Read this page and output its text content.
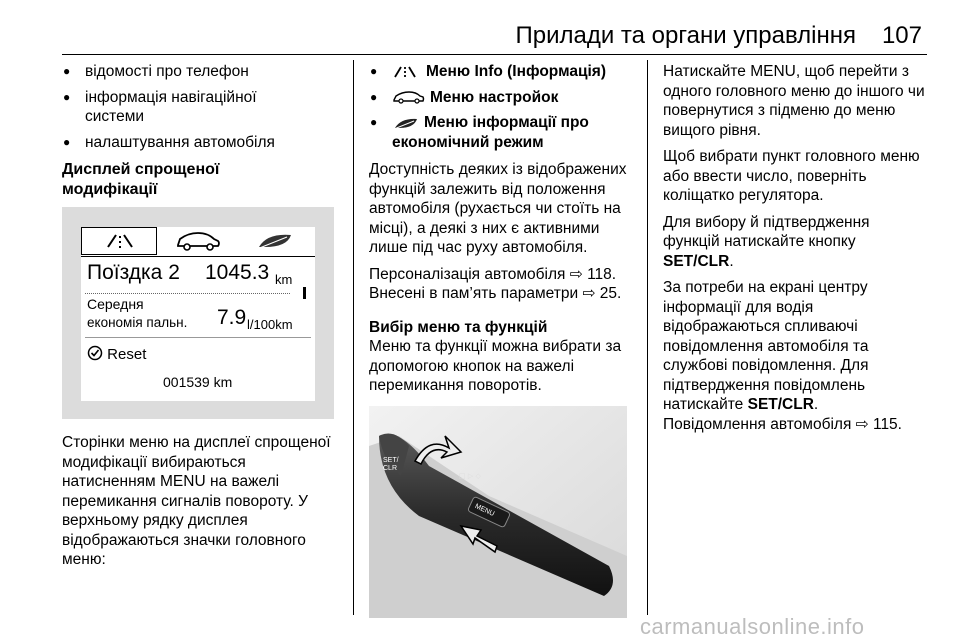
Прилади та органи управління 107
● відомості про телефон
● інформація навігаційної системи
● налаштування автомобіля
Дисплей спрощеної модифікації
Поїздка 2 1045.3 km
Середня
економія пальн. 7.9 l/100km
Reset
001539 km

Сторінки меню на дисплеї спрощеної модифікації вибираються натисненням MENU на важелі перемикання сигналів повороту. У верхньому рядку дисплея відображаються значки головного меню:

● Меню Info (Інформація)
● Меню настройок
● Меню інформації про економічний режим

Доступність деяких із відображених функцій залежить від положення автомобіля (рухається чи стоїть на місці), а деякі з них є активними лише під час руху автомобіля.

Персоналізація автомобіля ⇨ 118.
Внесені в пам’ять параметри ⇨ 25.

Вибір меню та функцій

Меню та функції можна вибрати за допомогою кнопок на важелі перемикання поворотів.

SET/
CLR
MENU
□ ▷ ◇

Натискайте MENU, щоб перейти з одного головного меню до іншого чи повернутися з підменю до меню вищого рівня.

Щоб вибрати пункт головного меню або ввести число, поверніть коліщатко регулятора.

Для вибору й підтвердження функцій натискайте кнопку SET/CLR.

За потреби на екрані центру інформації для водія відображаються спливаючі повідомлення автомобіля та службові повідомлення. Для підтвердження повідомлень натискайте SET/CLR.

Повідомлення автомобіля ⇨ 115.

carmanualsonline.info
